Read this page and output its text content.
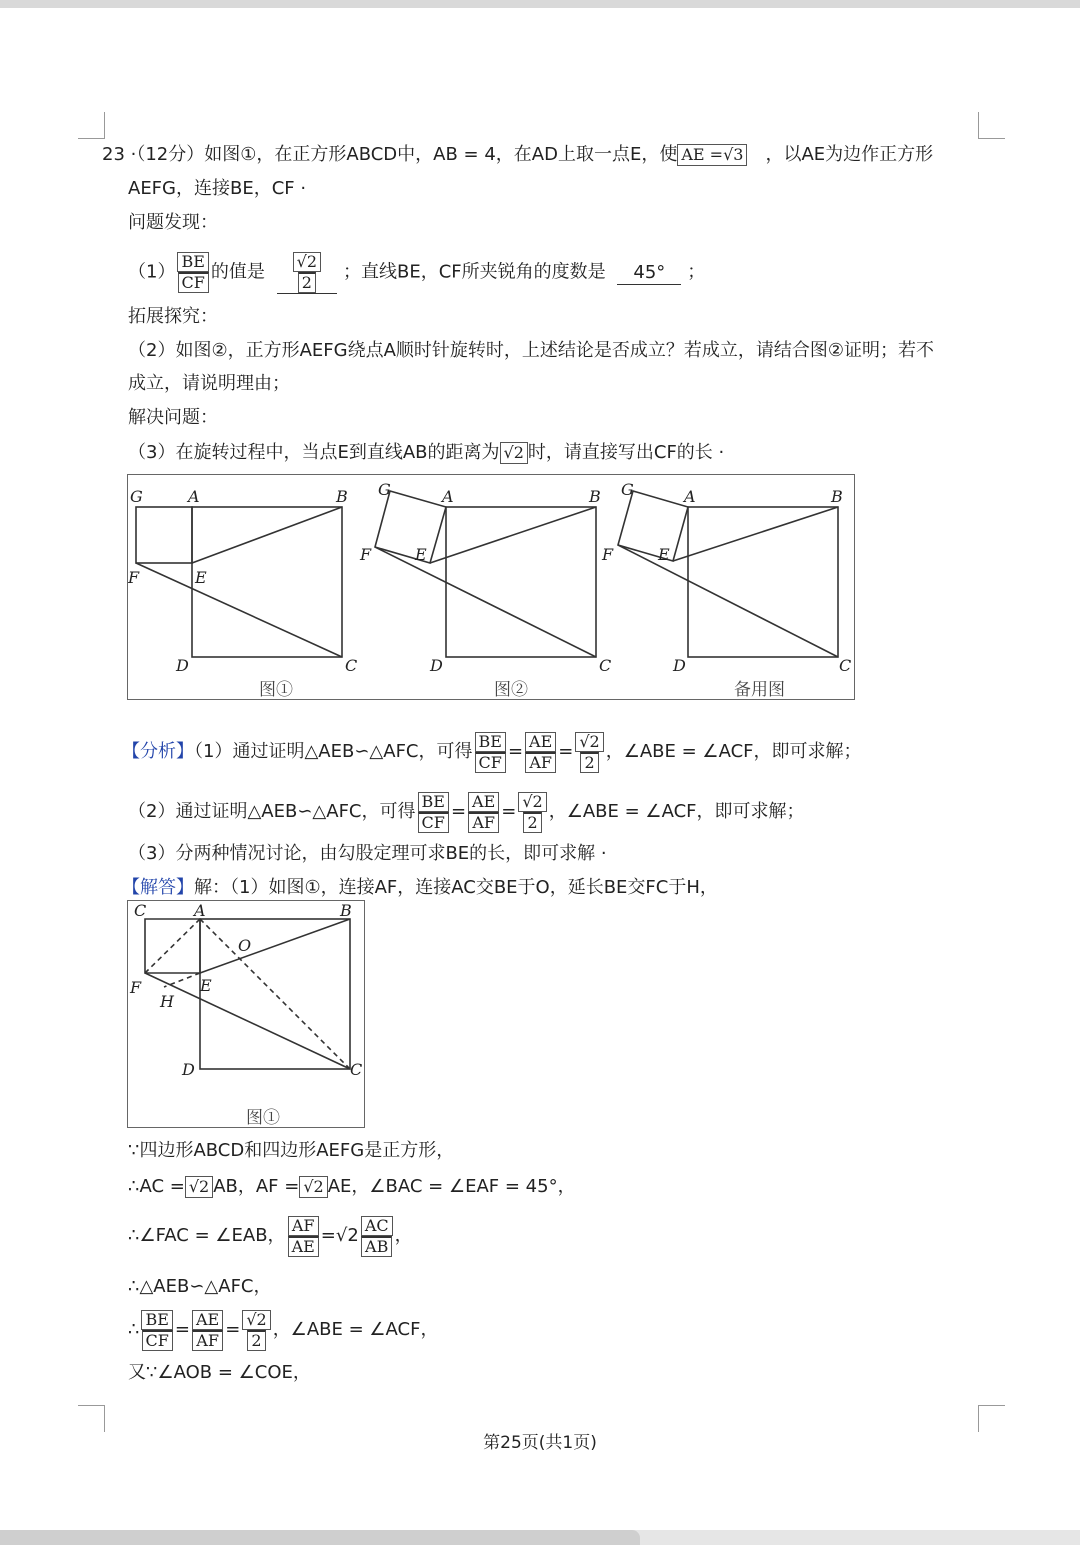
23 ·（12分）如图①，在正方形ABCD中，AB = 4，在AD上取一点E，使 AE =√3 ，以AE为边作正方形
AEFG，连接BE，CF ·
问题发现：
$(1) \frac{BE}{CF}$ 的值是 $\frac{√2}{2}$ ；直线BE，CF所夹锐角的度数是 45° ；
拓展探究：
（2）如图②，正方形AEFG绕点A顺时针旋转时，上述结论是否成立？若成立，请结合图②证明；若不
成立，请说明理由；
解决问题：
（3）在旋转过程中，当点E到直线AB的距离为 √2 时，请直接写出CF的长 ·
G	A	B
F	E
D	C
G	A	B
F	E
D	C
G	A	B
F	E
D	C
图①	图②	备用图
【分析】（1）通过证明△AEB∽△AFC，可得 $\frac{BE}{CF} = \frac{AE}{AF} = \frac{√2}{2}$ ，∠ABE = ∠ACF，即可求解；
（2）通过证明△AEB∽△AFC，可得 $\frac{BE}{CF} = \frac{AE}{AF} = \frac{√2}{2}$ ，∠ABE = ∠ACF，即可求解；
（3）分两种情况讨论，由勾股定理可求BE的长，即可求解 ·
【解答】解：（1）如图①，连接AF，连接AC交BE于O，延长BE交FC于H，
C	A	B
O
F	E
H
D	C
图①
∵四边形ABCD和四边形AEFG是正方形，
∴AC = √2 AB，AF = √2 AE，∠BAC = ∠EAF = 45°，
∴∠FAC = ∠EAB， $\frac{AF}{AE} =√2 \frac{AC}{AB}$ ，
∴△AEB∽△AFC，
∴ $\frac{BE}{CF} = \frac{AE}{AF} = \frac{√2}{2}$ ，∠ABE = ∠ACF，
又∵∠AOB = ∠COE，
第25页(共1页)
